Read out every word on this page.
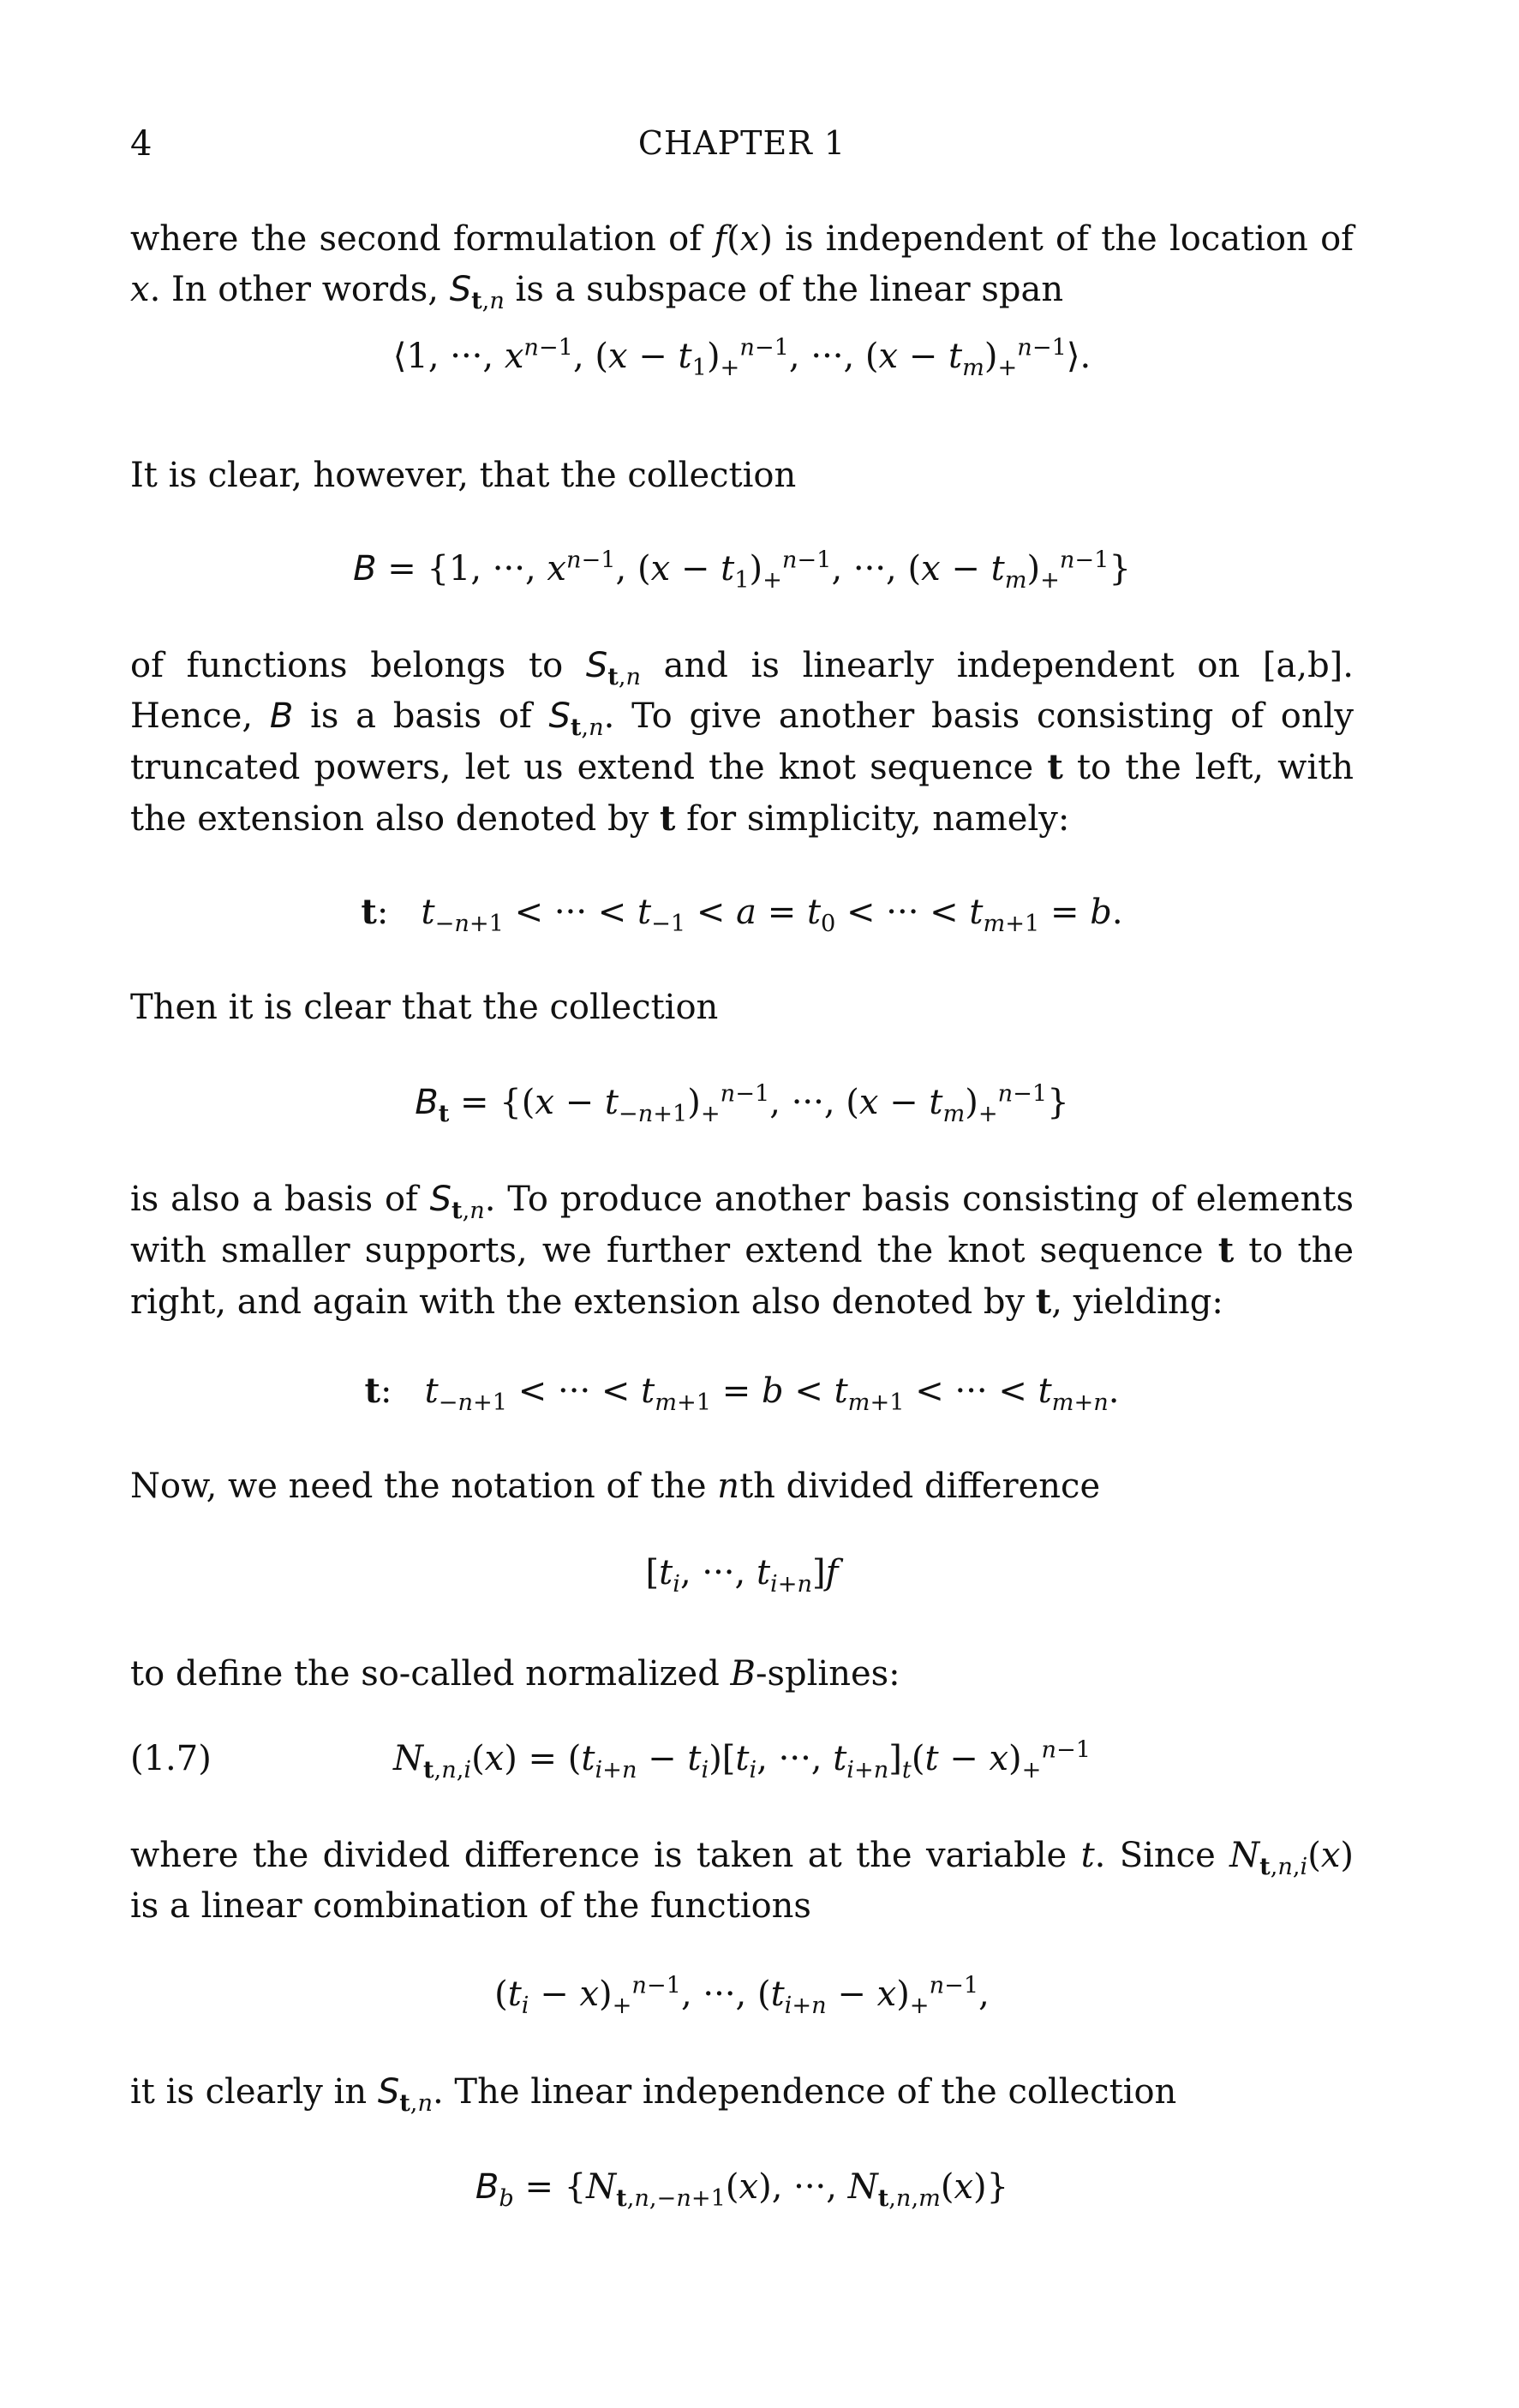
4	CHAPTER 1
where the second formulation of f(x) is independent of the location of x. In other words, $S_{t,n}$ is a subspace of the linear span
⟨1, ···, $x^{n-1}$, $(x - t_1)_+^{n-1}$, ···, $(x - t_m)_+^{n-1}⟩$.
It is clear, however, that the collection
B = {1, ···, $x^{n-1}$, $(x - t_1)_+^{n-1}$, ···, $(x - t_m)_+^{n-1}$}
of functions belongs to $S_{t,n}$ and is linearly independent on [a,b]. Hence, B is a basis of $S_{t,n}$. To give another basis consisting of only truncated powers, let us extend the knot sequence t to the left, with the extension also denoted by t for simplicity, namely:
t:   $t_{-n+1}$ < ··· < $t_{-1} < a = t_0$ < ··· < $t_{m+1} = b$.
Then it is clear that the collection
$B_t = \{(x - t_{-n+1})_+^{n-1}$, ···, $(x - t_m)_+^{n-1}$}
is also a basis of $S_{t,n}$. To produce another basis consisting of elements with smaller supports, we further extend the knot sequence t to the right, and again with the extension also denoted by t, yielding:
t:   $t_{-n+1}$ < ··· < $t_{m+1} = b < t_{m+1}$ < ··· < $t_{m+n}$.
Now, we need the notation of the nth divided difference
[$t_i$, ···, $t_{i+n}]f$
to define the so-called normalized B-splines:
(1.7)	$N_{t,n,i}(x) = (t_{i+n} - t_i)[t_i$, ···, $t_{i+n}]_t(t - x)_+^{n-1}$
where the divided difference is taken at the variable t. Since $N_{t,n,i}(x)$ is a linear combination of the functions
$(t_i - x)_+^{n-1}$, ···, $(t_{i+n} - x)_+^{n-1}$,
it is clearly in $S_{t,n}$. The linear independence of the collection
$B_b = \{N_{t,n,-n+1}(x)$, ···, $N_{t,n,m}(x)$}
